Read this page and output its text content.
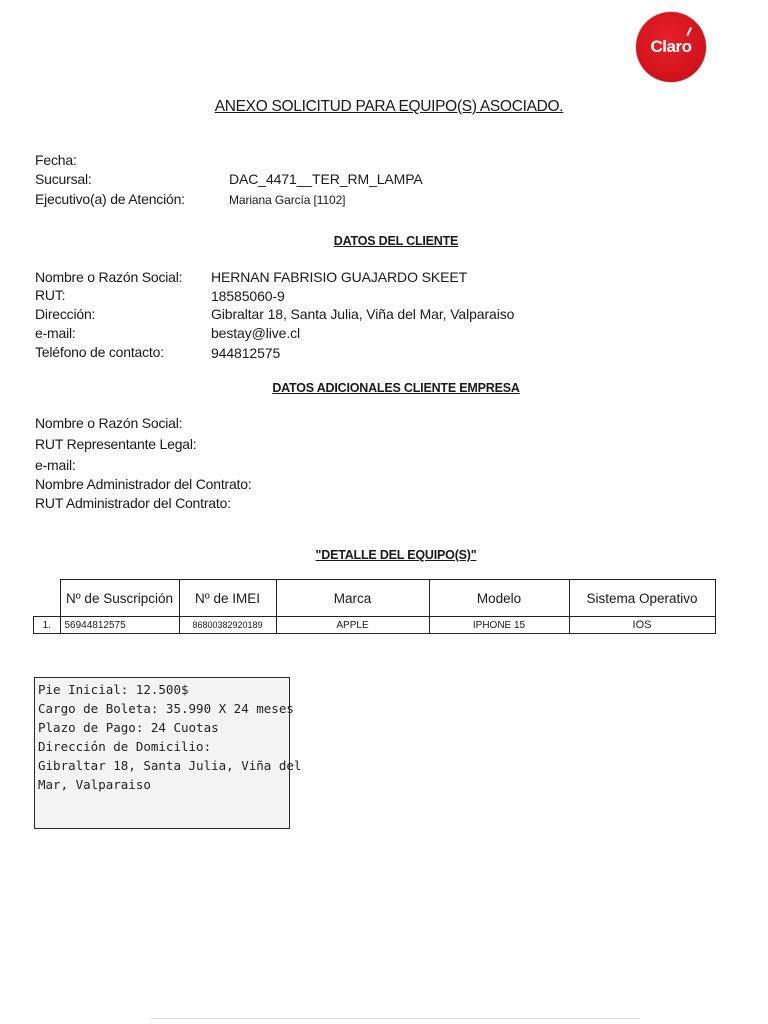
Claro
ANEXO SOLICITUD PARA EQUIPO(S) ASOCIADO.
Fecha:
Sucursal:	DAC_4471__TER_RM_LAMPA
Ejecutivo(a) de Atención:	Mariana García [1102]
DATOS DEL CLIENTE
Nombre o Razón Social: HERNAN FABRISIO GUAJARDO SKEET
RUT:	18585060-9
Dirección:	Gibraltar 18, Santa Julia, Viña del Mar, Valparaiso
e-mail:	bestay@live.cl
Teléfono de contacto:	944812575
DATOS ADICIONALES CLIENTE EMPRESA
Nombre o Razón Social:
RUT Representante Legal:
e-mail:
Nombre Administrador del Contrato:
RUT Administrador del Contrato:
"DETALLE DEL EQUIPO(S)"
	Nº de Suscripción	Nº de IMEI	Marca	Modelo	Sistema Operativo
1.	56944812575	86800382920189	APPLE	IPHONE 15	IOS
Pie Inicial: 12.500$
Cargo de Boleta: 35.990 X 24 meses
Plazo de Pago: 24 Cuotas
Dirección de Domicilio:
Gibraltar 18, Santa Julia, Viña del
Mar, Valparaiso
